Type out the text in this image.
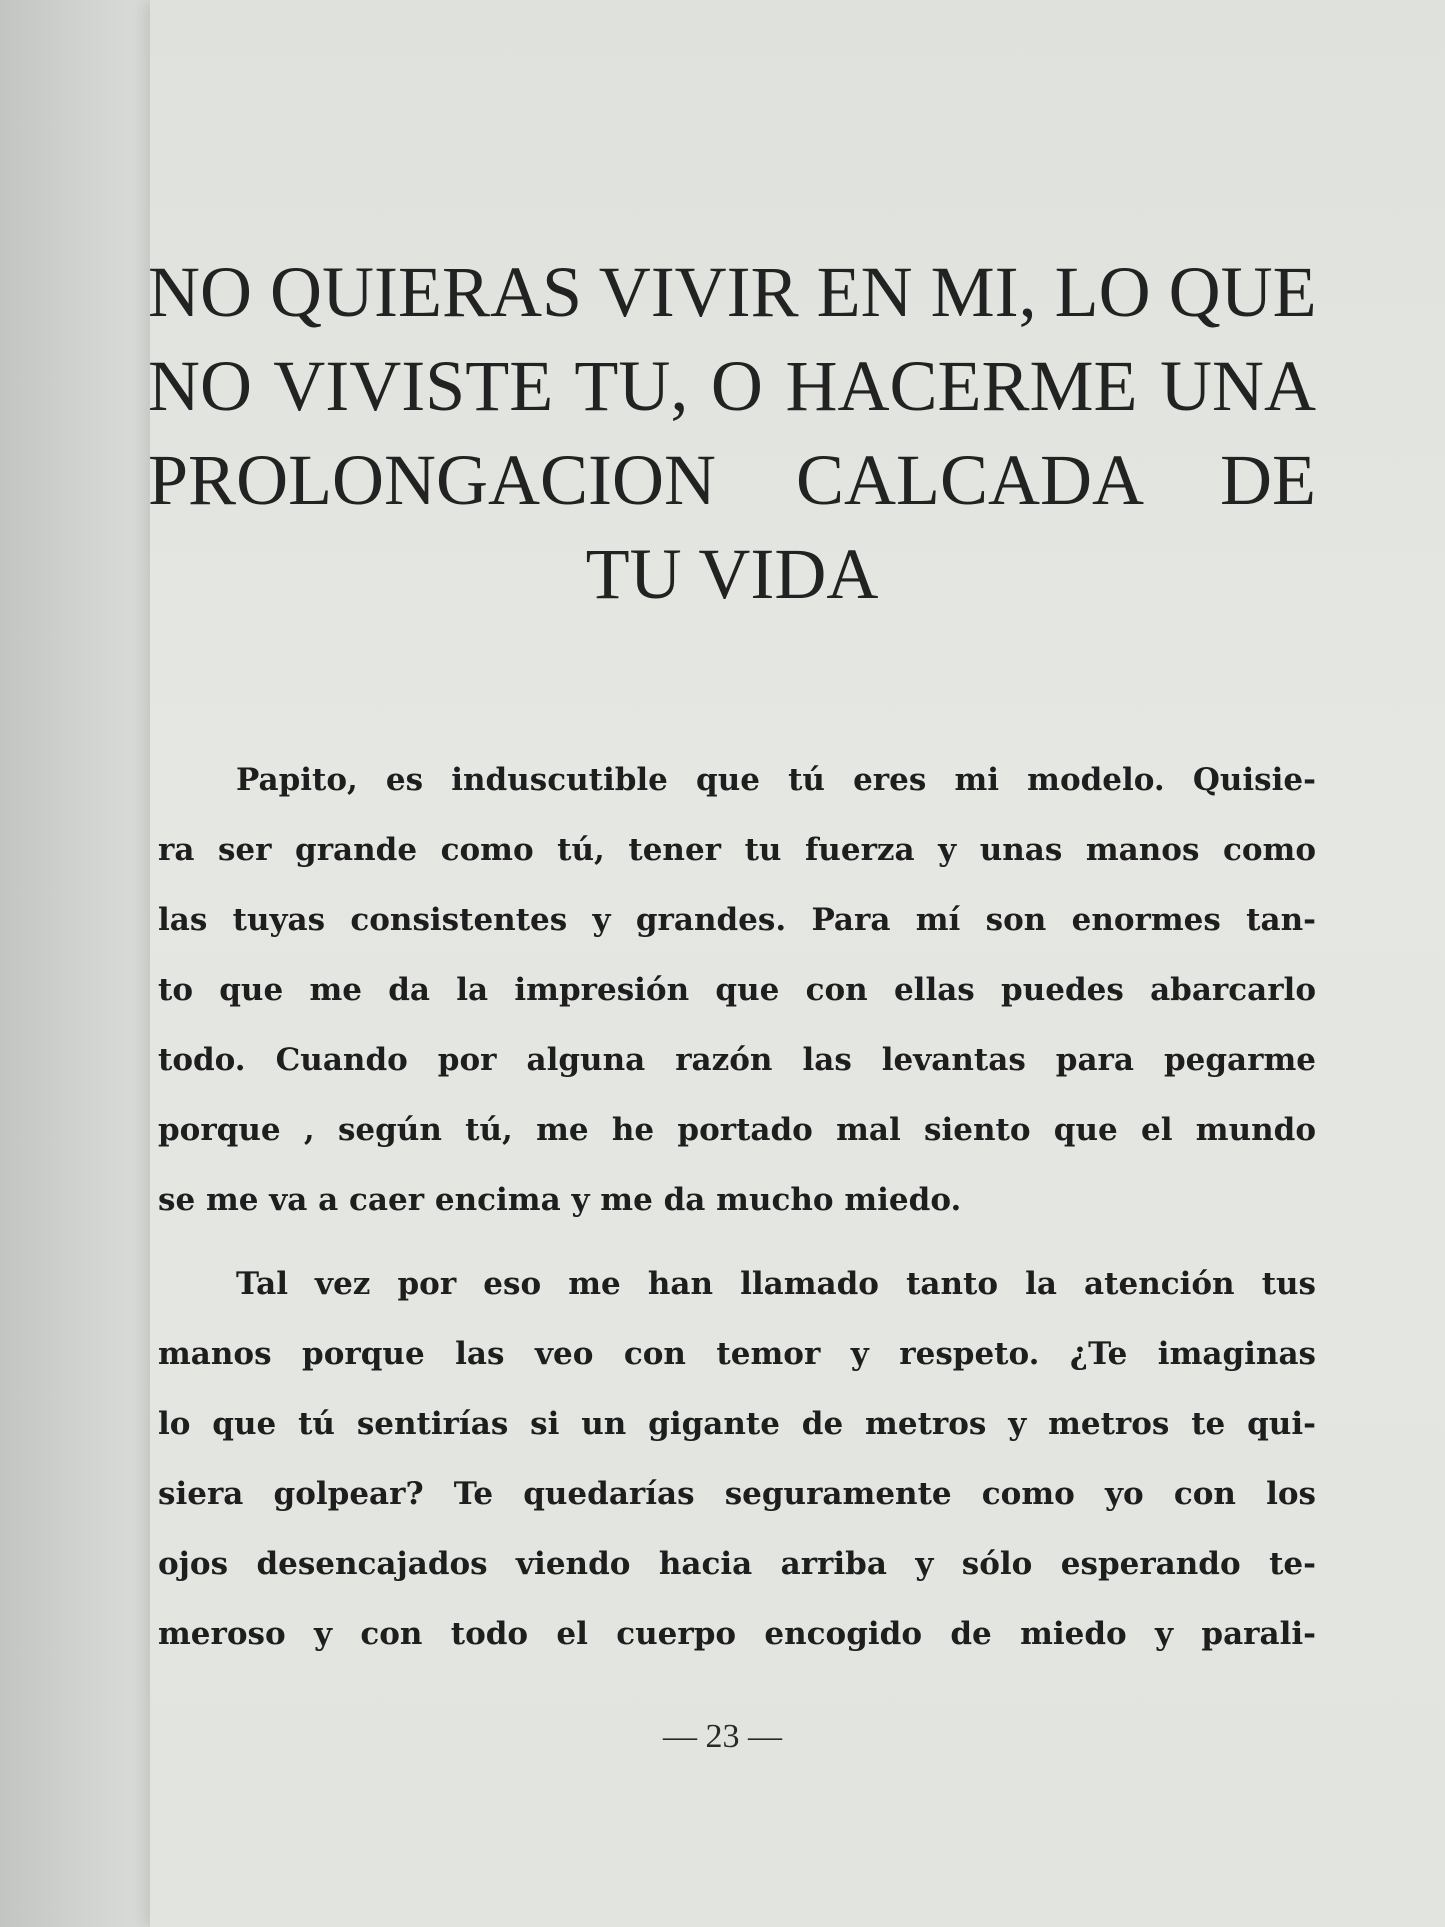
NO QUIERAS VIVIR EN MI, LO QUE
NO VIVISTE TU, O HACERME UNA
PROLONGACION CALCADA DE
TU VIDA

Papito, es induscutible que tú eres mi modelo. Quisie-
ra ser grande como tú, tener tu fuerza y unas manos como
las tuyas consistentes y grandes. Para mí son enormes tan-
to que me da la impresión que con ellas puedes abarcarlo
todo. Cuando por alguna razón las levantas para pegarme
porque , según tú, me he portado mal siento que el mundo
se me va a caer encima y me da mucho miedo.

Tal vez por eso me han llamado tanto la atención tus
manos porque las veo con temor y respeto. ¿Te imaginas
lo que tú sentirías si un gigante de metros y metros te qui-
siera golpear? Te quedarías seguramente como yo con los
ojos desencajados viendo hacia arriba y sólo esperando te-
meroso y con todo el cuerpo encogido de miedo y parali-

— 23 —
